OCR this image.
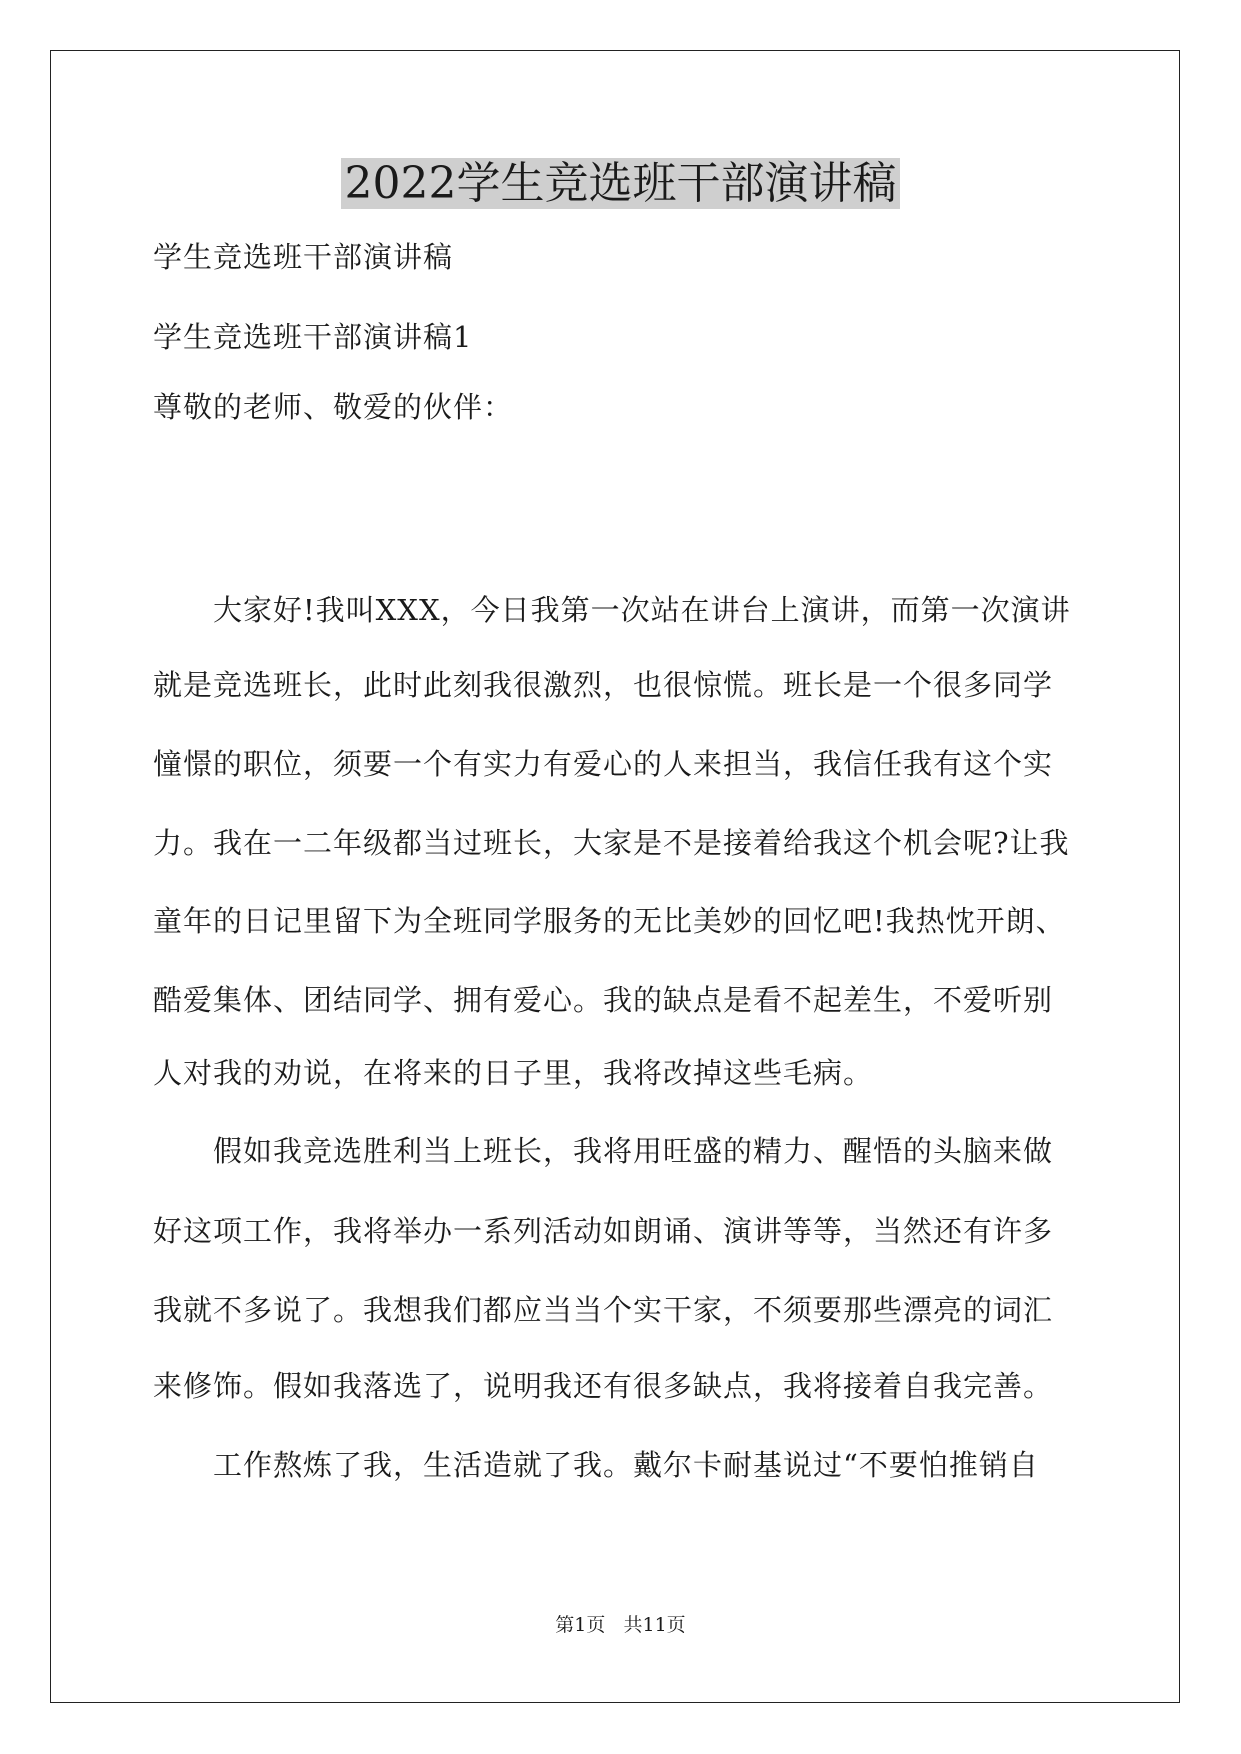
2022学生竞选班干部演讲稿

学生竞选班干部演讲稿

学生竞选班干部演讲稿1

尊敬的老师、敬爱的伙伴：

大家好!我叫XXX，今日我第一次站在讲台上演讲，而第一次演讲

就是竞选班长，此时此刻我很激烈，也很惊慌。班长是一个很多同学

憧憬的职位，须要一个有实力有爱心的人来担当，我信任我有这个实

力。我在一二年级都当过班长，大家是不是接着给我这个机会呢?让我

童年的日记里留下为全班同学服务的无比美妙的回忆吧!我热忱开朗、

酷爱集体、团结同学、拥有爱心。我的缺点是看不起差生，不爱听别

人对我的劝说，在将来的日子里，我将改掉这些毛病。

假如我竞选胜利当上班长，我将用旺盛的精力、醒悟的头脑来做

好这项工作，我将举办一系列活动如朗诵、演讲等等，当然还有许多

我就不多说了。我想我们都应当当个实干家，不须要那些漂亮的词汇

来修饰。假如我落选了，说明我还有很多缺点，我将接着自我完善。

工作熬炼了我，生活造就了我。戴尔卡耐基说过“不要怕推销自

第1页   共11页
